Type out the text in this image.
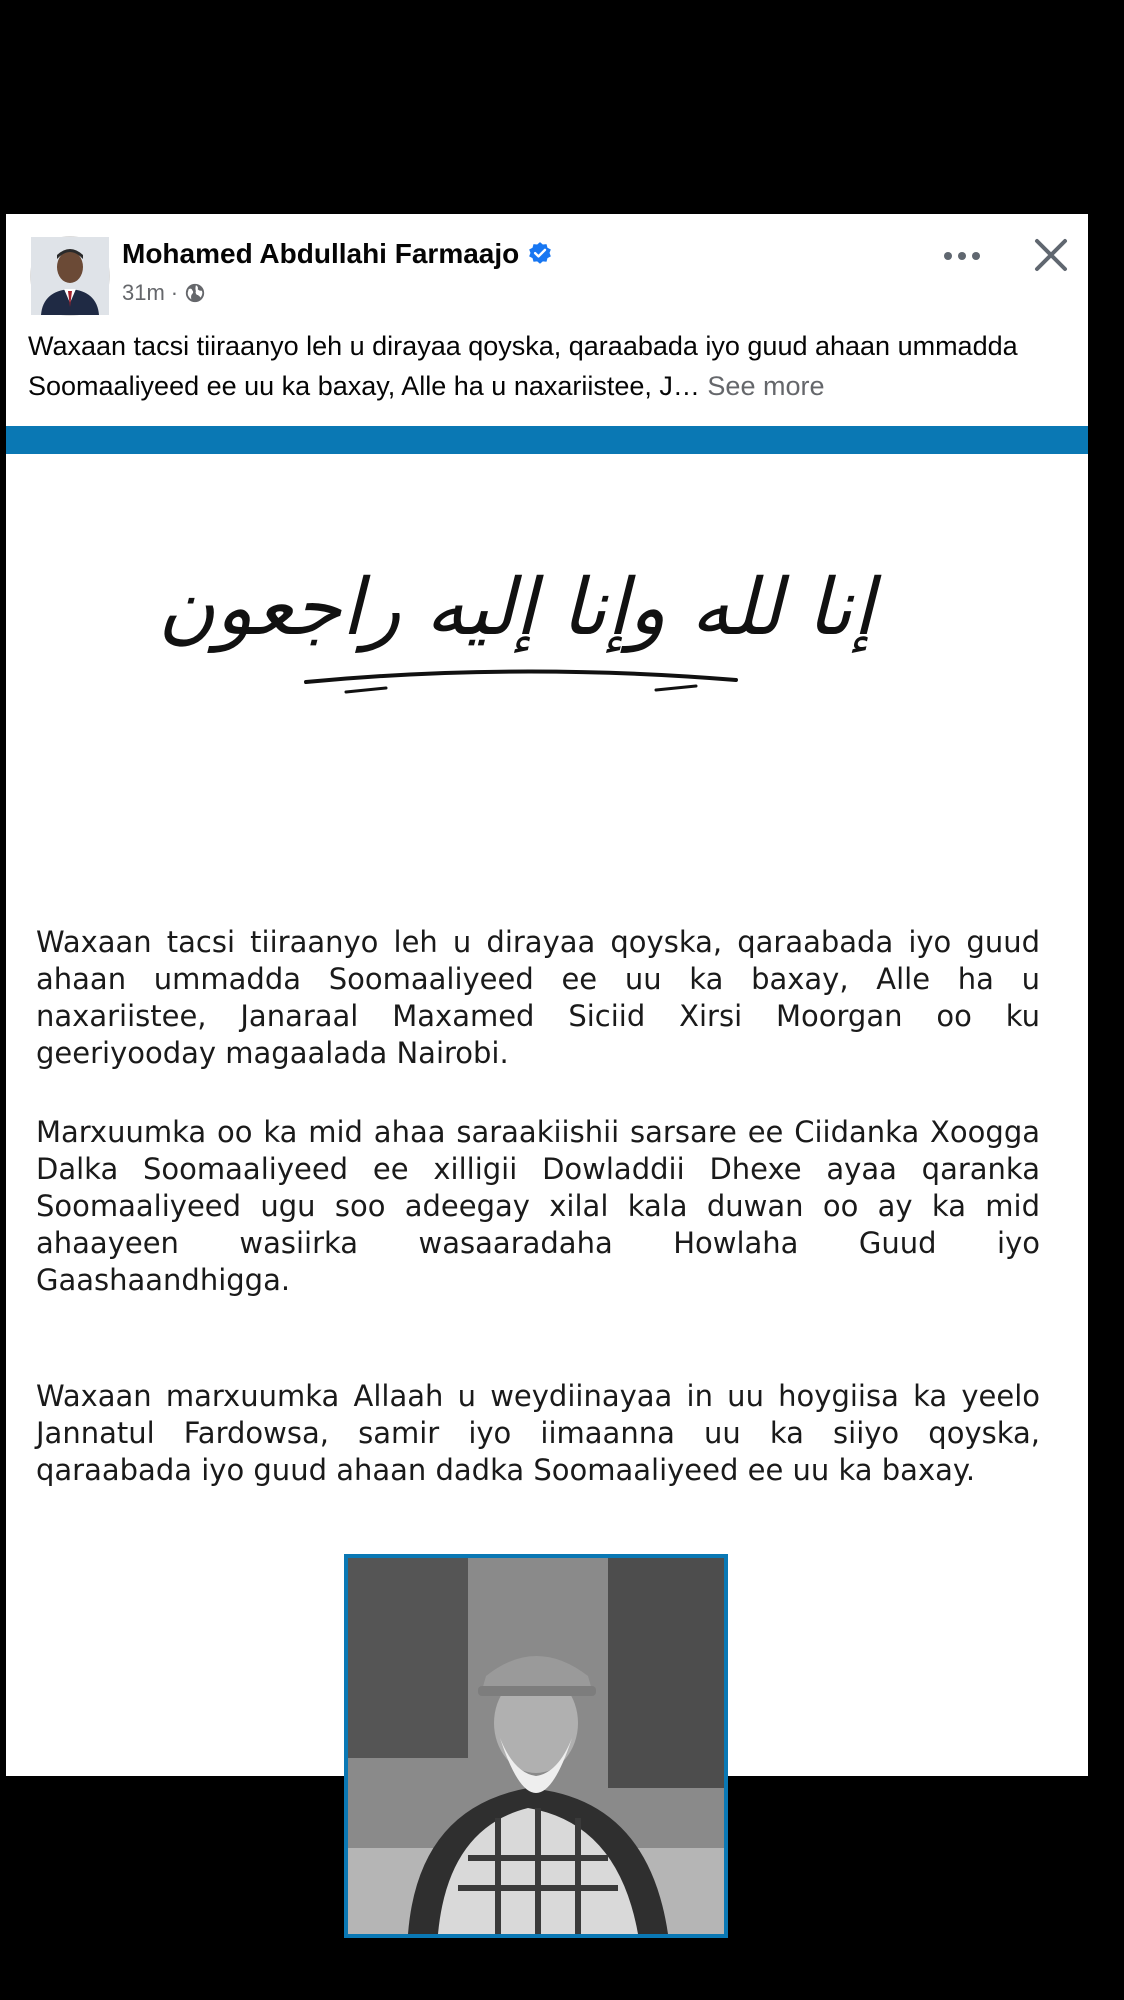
Mohamed Abdullahi Farmaajo
31m ·
Waxaan tacsi tiiraanyo leh u dirayaa qoyska, qaraabada iyo guud ahaan ummadda Soomaaliyeed ee uu ka baxay, Alle ha u naxariistee, J… See more
إنا لله وإنا إليه راجعون

Waxaan tacsi tiiraanyo leh u dirayaa qoyska, qaraabada iyo guud ahaan ummadda Soomaaliyeed ee uu ka baxay, Alle ha u naxariistee, Janaraal Maxamed Siciid Xirsi Moorgan oo ku geeriyooday magaalada Nairobi.

Marxuumka oo ka mid ahaa saraakiishii sarsare ee Ciidanka Xoogga Dalka Soomaaliyeed ee xilligii Dowladdii Dhexe ayaa qaranka Soomaaliyeed ugu soo adeegay xilal kala duwan oo ay ka mid ahaayeen wasiirka wasaaradaha Howlaha Guud iyo Gaashaandhigga.

Waxaan marxuumka Allaah u weydiinayaa in uu hoygiisa ka yeelo Jannatul Fardowsa, samir iyo iimaanna uu ka siiyo qoyska, qaraabada iyo guud ahaan dadka Soomaaliyeed ee uu ka baxay.
